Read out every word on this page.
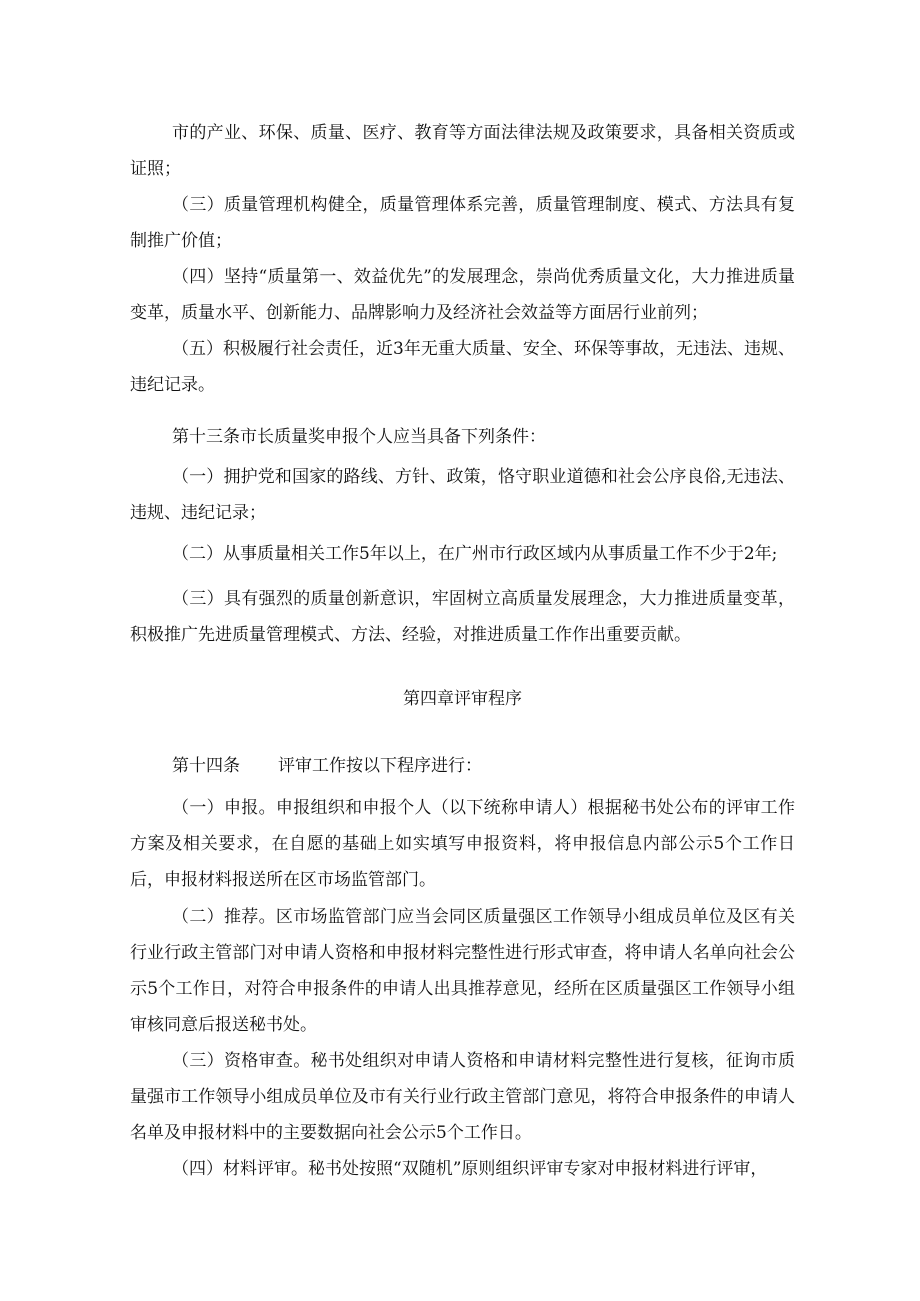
市的产业、环保、质量、医疗、教育等方面法律法规及政策要求，具备相关资质或证照；

（三）质量管理机构健全，质量管理体系完善，质量管理制度、模式、方法具有复制推广价值；

（四）坚持“质量第一、效益优先”的发展理念，崇尚优秀质量文化，大力推进质量变革，质量水平、创新能力、品牌影响力及经济社会效益等方面居行业前列；

（五）积极履行社会责任，近3年无重大质量、安全、环保等事故，无违法、违规、违纪记录。

第十三条市长质量奖申报个人应当具备下列条件：

（一）拥护党和国家的路线、方针、政策，恪守职业道德和社会公序良俗,无违法、违规、违纪记录；

（二）从事质量相关工作5年以上，在广州市行政区域内从事质量工作不少于2年;

（三）具有强烈的质量创新意识，牢固树立高质量发展理念，大力推进质量变革，积极推广先进质量管理模式、方法、经验，对推进质量工作作出重要贡献。

第四章评审程序

第十四条 评审工作按以下程序进行：

（一）申报。申报组织和申报个人（以下统称申请人）根据秘书处公布的评审工作方案及相关要求，在自愿的基础上如实填写申报资料，将申报信息内部公示5个工作日后，申报材料报送所在区市场监管部门。

（二）推荐。区市场监管部门应当会同区质量强区工作领导小组成员单位及区有关行业行政主管部门对申请人资格和申报材料完整性进行形式审查，将申请人名单向社会公示5个工作日，对符合申报条件的申请人出具推荐意见，经所在区质量强区工作领导小组审核同意后报送秘书处。

（三）资格审查。秘书处组织对申请人资格和申请材料完整性进行复核，征询市质量强市工作领导小组成员单位及市有关行业行政主管部门意见，将符合申报条件的申请人名单及申报材料中的主要数据向社会公示5个工作日。

（四）材料评审。秘书处按照“双随机”原则组织评审专家对申报材料进行评审，
